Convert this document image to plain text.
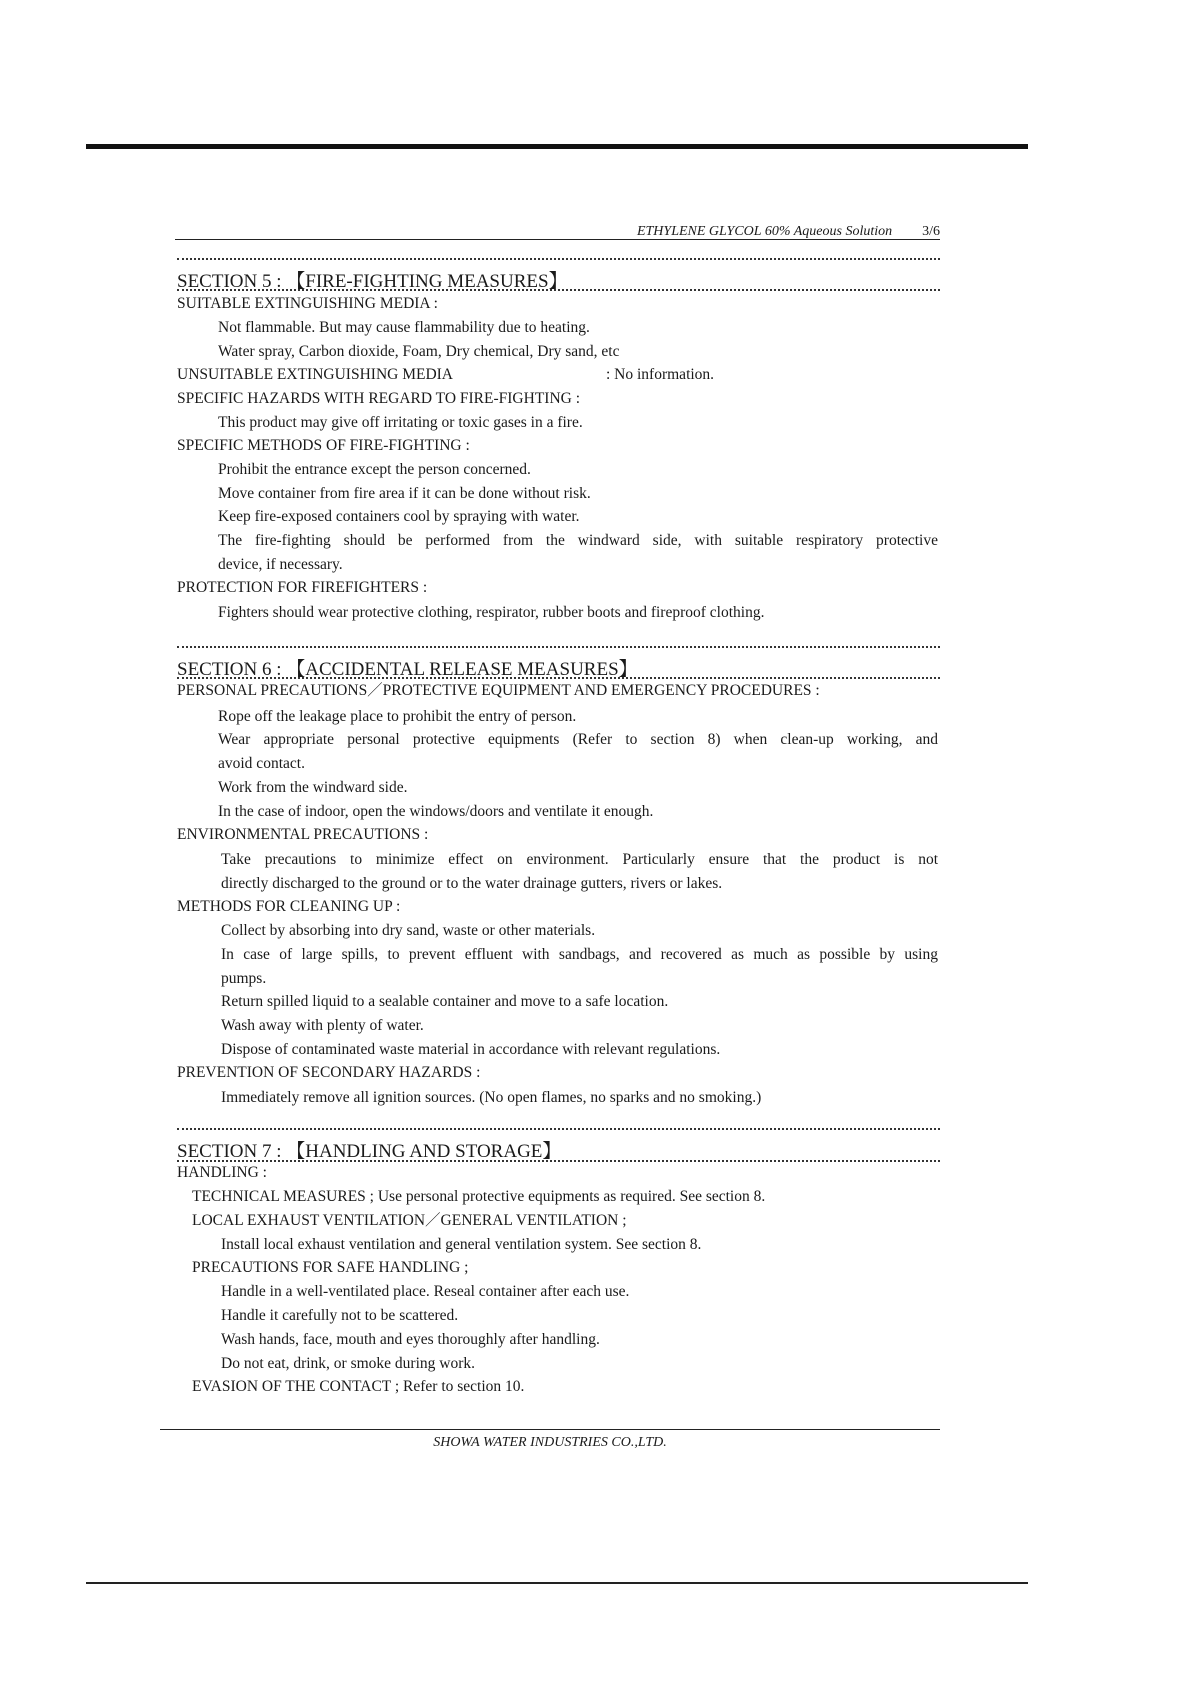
ETHYLENE GLYCOL 60% Aqueous Solution 3/6
SECTION 5 : 【FIRE-FIGHTING MEASURES】
SUITABLE EXTINGUISHING MEDIA :
Not flammable. But may cause flammability due to heating.
Water spray, Carbon dioxide, Foam, Dry chemical, Dry sand, etc
UNSUITABLE EXTINGUISHING MEDIA	: No information.
SPECIFIC HAZARDS WITH REGARD TO FIRE-FIGHTING :
This product may give off irritating or toxic gases in a fire.
SPECIFIC METHODS OF FIRE-FIGHTING :
Prohibit the entrance except the person concerned.
Move container from fire area if it can be done without risk.
Keep fire-exposed containers cool by spraying with water.
The fire-fighting should be performed from the windward side, with suitable respiratory protective
device, if necessary.
PROTECTION FOR FIREFIGHTERS :
Fighters should wear protective clothing, respirator, rubber boots and fireproof clothing.
SECTION 6 : 【ACCIDENTAL RELEASE MEASURES】
PERSONAL PRECAUTIONS／PROTECTIVE EQUIPMENT AND EMERGENCY PROCEDURES :
Rope off the leakage place to prohibit the entry of person.
Wear appropriate personal protective equipments (Refer to section 8) when clean-up working, and
avoid contact.
Work from the windward side.
In the case of indoor, open the windows/doors and ventilate it enough.
ENVIRONMENTAL PRECAUTIONS :
Take precautions to minimize effect on environment. Particularly ensure that the product is not
directly discharged to the ground or to the water drainage gutters, rivers or lakes.
METHODS FOR CLEANING UP :
Collect by absorbing into dry sand, waste or other materials.
In case of large spills, to prevent effluent with sandbags, and recovered as much as possible by using
pumps.
Return spilled liquid to a sealable container and move to a safe location.
Wash away with plenty of water.
Dispose of contaminated waste material in accordance with relevant regulations.
PREVENTION OF SECONDARY HAZARDS :
Immediately remove all ignition sources. (No open flames, no sparks and no smoking.)
SECTION 7 : 【HANDLING AND STORAGE】
HANDLING :
TECHNICAL MEASURES ; Use personal protective equipments as required. See section 8.
LOCAL EXHAUST VENTILATION／GENERAL VENTILATION ;
Install local exhaust ventilation and general ventilation system. See section 8.
PRECAUTIONS FOR SAFE HANDLING ;
Handle in a well-ventilated place. Reseal container after each use.
Handle it carefully not to be scattered.
Wash hands, face, mouth and eyes thoroughly after handling.
Do not eat, drink, or smoke during work.
EVASION OF THE CONTACT ; Refer to section 10.
SHOWA WATER INDUSTRIES CO.,LTD.
